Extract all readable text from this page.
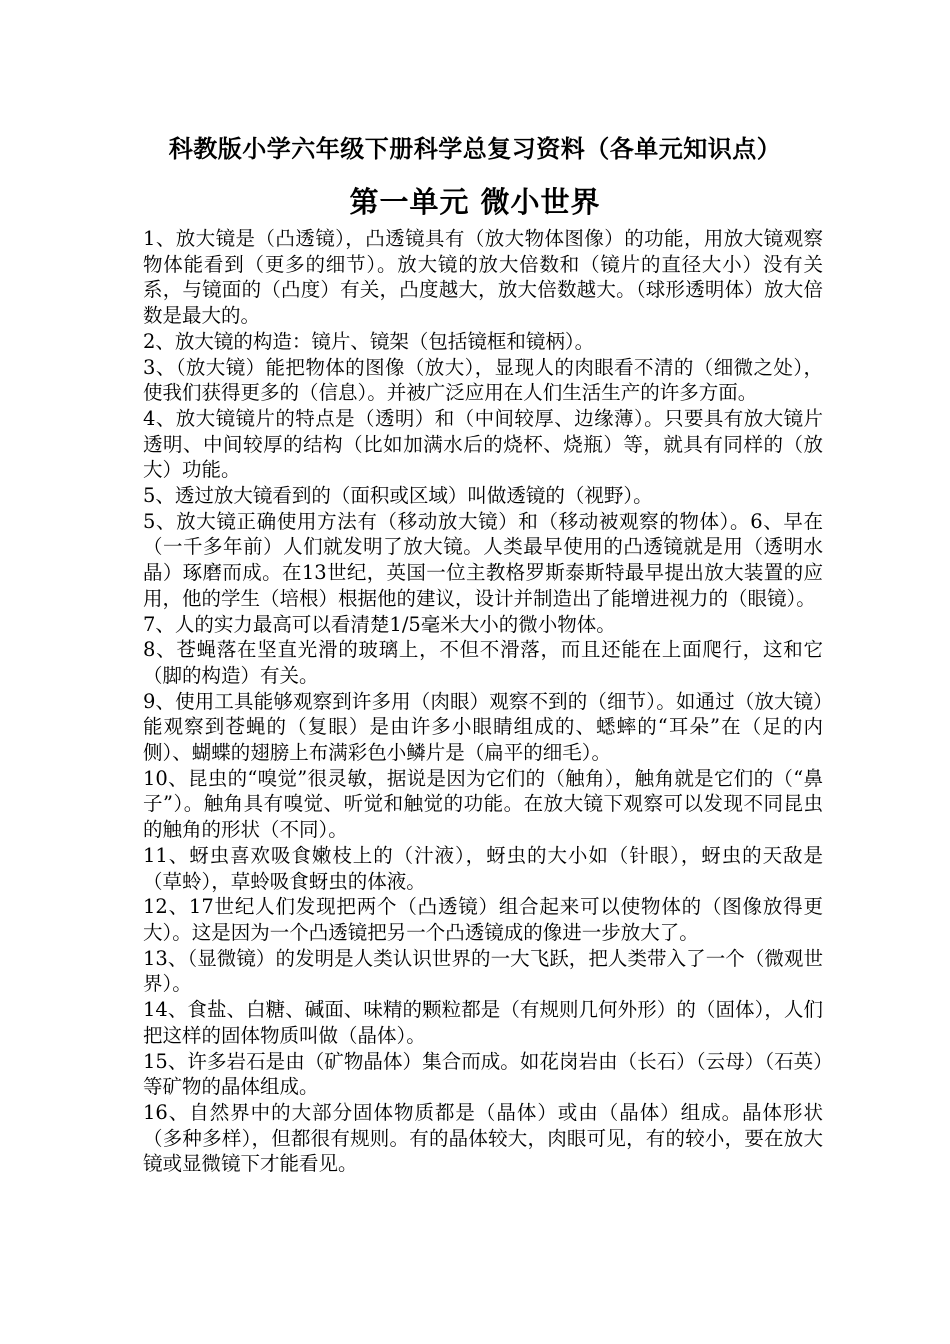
科教版小学六年级下册科学总复习资料（各单元知识点）
第一单元 微小世界

1、放大镜是（凸透镜），凸透镜具有（放大物体图像）的功能，用放大镜观察物体能看到（更多的细节）。放大镜的放大倍数和（镜片的直径大小）没有关系，与镜面的（凸度）有关，凸度越大，放大倍数越大。（球形透明体）放大倍数是最大的。

2、放大镜的构造：镜片、镜架（包括镜框和镜柄）。

3、（放大镜）能把物体的图像（放大），显现人的肉眼看不清的（细微之处），使我们获得更多的（信息）。并被广泛应用在人们生活生产的许多方面。

4、放大镜镜片的特点是（透明）和（中间较厚、边缘薄）。只要具有放大镜片透明、中间较厚的结构（比如加满水后的烧杯、烧瓶）等，就具有同样的（放大）功能。

5、透过放大镜看到的（面积或区域）叫做透镜的（视野）。

5、放大镜正确使用方法有（移动放大镜）和（移动被观察的物体）。6、早在（一千多年前）人们就发明了放大镜。人类最早使用的凸透镜就是用（透明水晶）琢磨而成。在13世纪，英国一位主教格罗斯泰斯特最早提出放大装置的应用，他的学生（培根）根据他的建议，设计并制造出了能增进视力的（眼镜）。

7、人的实力最高可以看清楚1/5毫米大小的微小物体。

8、苍蝇落在坚直光滑的玻璃上，不但不滑落，而且还能在上面爬行，这和它（脚的构造）有关。

9、使用工具能够观察到许多用（肉眼）观察不到的（细节）。如通过（放大镜）能观察到苍蝇的（复眼）是由许多小眼睛组成的、蟋蟀的“耳朵”在（足的内侧）、蝴蝶的翅膀上布满彩色小鳞片是（扁平的细毛）。

10、昆虫的“嗅觉”很灵敏，据说是因为它们的（触角），触角就是它们的（“鼻子”）。触角具有嗅觉、听觉和触觉的功能。在放大镜下观察可以发现不同昆虫的触角的形状（不同）。

11、蚜虫喜欢吸食嫩枝上的（汁液），蚜虫的大小如（针眼），蚜虫的天敌是（草蛉），草蛉吸食蚜虫的体液。

12、17世纪人们发现把两个（凸透镜）组合起来可以使物体的（图像放得更大）。这是因为一个凸透镜把另一个凸透镜成的像进一步放大了。

13、（显微镜）的发明是人类认识世界的一大飞跃，把人类带入了一个（微观世界）。

14、食盐、白糖、碱面、味精的颗粒都是（有规则几何外形）的（固体），人们把这样的固体物质叫做（晶体）。

15、许多岩石是由（矿物晶体）集合而成。如花岗岩由（长石）（云母）（石英）等矿物的晶体组成。

16、自然界中的大部分固体物质都是（晶体）或由（晶体）组成。晶体形状（多种多样），但都很有规则。有的晶体较大，肉眼可见，有的较小，要在放大镜或显微镜下才能看见。
